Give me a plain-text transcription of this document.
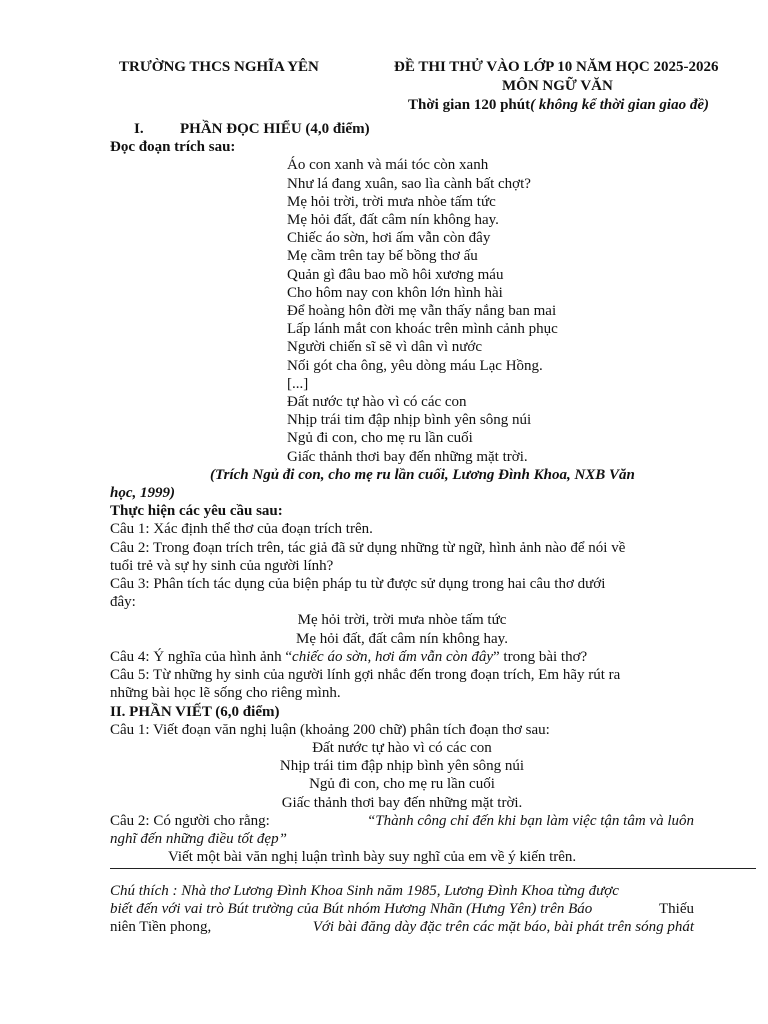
TRƯỜNG THCS NGHĨA YÊN	ĐỀ THI THỬ VÀO LỚP 10 NĂM HỌC 2025-2026
MÔN NGỮ VĂN
Thời gian 120 phút( không kể thời gian giao đề)
I.	PHẦN ĐỌC HIỂU (4,0 điểm)
Đọc đoạn trích sau:
Áo con xanh và mái tóc còn xanh
Như lá đang xuân, sao lìa cành bất chợt?
Mẹ hỏi trời, trời mưa nhòe tấm tức
Mẹ hỏi đất, đất câm nín không hay.
Chiếc áo sờn, hơi ấm vẫn còn đây
Mẹ cầm trên tay bế bồng thơ ấu
Quản gì đâu bao mồ hôi xương máu
Cho hôm nay con khôn lớn hình hài
Để hoàng hôn đời mẹ vẫn thấy nắng ban mai
Lấp lánh mắt con khoác trên mình cảnh phục
Người chiến sĩ sẽ vì dân vì nước
Nối gót cha ông, yêu dòng máu Lạc Hồng.
[...]
Đất nước tự hào vì có các con
Nhịp trái tim đập nhịp bình yên sông núi
Ngủ đi con, cho mẹ ru lần cuối
Giấc thảnh thơi bay đến những mặt trời.
(Trích Ngủ đi con, cho mẹ ru lần cuối, Lương Đình Khoa, NXB Văn
học, 1999)
Thực hiện các yêu cầu sau:
Câu 1: Xác định thể thơ của đoạn trích trên.
Câu 2: Trong đoạn trích trên, tác giả đã sử dụng những từ ngữ, hình ảnh nào để nói về
tuổi trẻ và sự hy sinh của người lính?
Câu 3: Phân tích tác dụng của biện pháp tu từ được sử dụng trong hai câu thơ dưới
đây:
Mẹ hỏi trời, trời mưa nhòe tấm tức
Mẹ hỏi đất, đất câm nín không hay.
Câu 4: Ý nghĩa của hình ảnh “chiếc áo sờn, hơi ấm vẫn còn đây” trong bài thơ?
Câu 5: Từ những hy sinh của người lính gợi nhắc đến trong đoạn trích, Em hãy rút ra
những bài học lẽ sống cho riêng mình.
II. PHẦN VIẾT (6,0 điểm)
Câu 1: Viết đoạn văn nghị luận (khoảng 200 chữ) phân tích đoạn thơ sau:
Đất nước tự hào vì có các con
Nhịp trái tim đập nhịp bình yên sông núi
Ngủ đi con, cho mẹ ru lần cuối
Giấc thảnh thơi bay đến những mặt trời.
Câu 2: Có người cho rằng:	“Thành công chỉ đến khi bạn làm việc tận tâm và luôn
nghĩ đến những điều tốt đẹp”
Viết một bài văn nghị luận trình bày suy nghĩ của em về ý kiến trên.
Chú thích : Nhà thơ Lương Đình Khoa Sinh năm 1985, Lương Đình Khoa từng được
biết đến với vai trò Bút trường của Bút nhóm Hương Nhãn (Hưng Yên) trên Báo	Thiếu
niên Tiền phong,	Với bài đăng dày đặc trên các mặt báo, bài phát trên sóng phát
